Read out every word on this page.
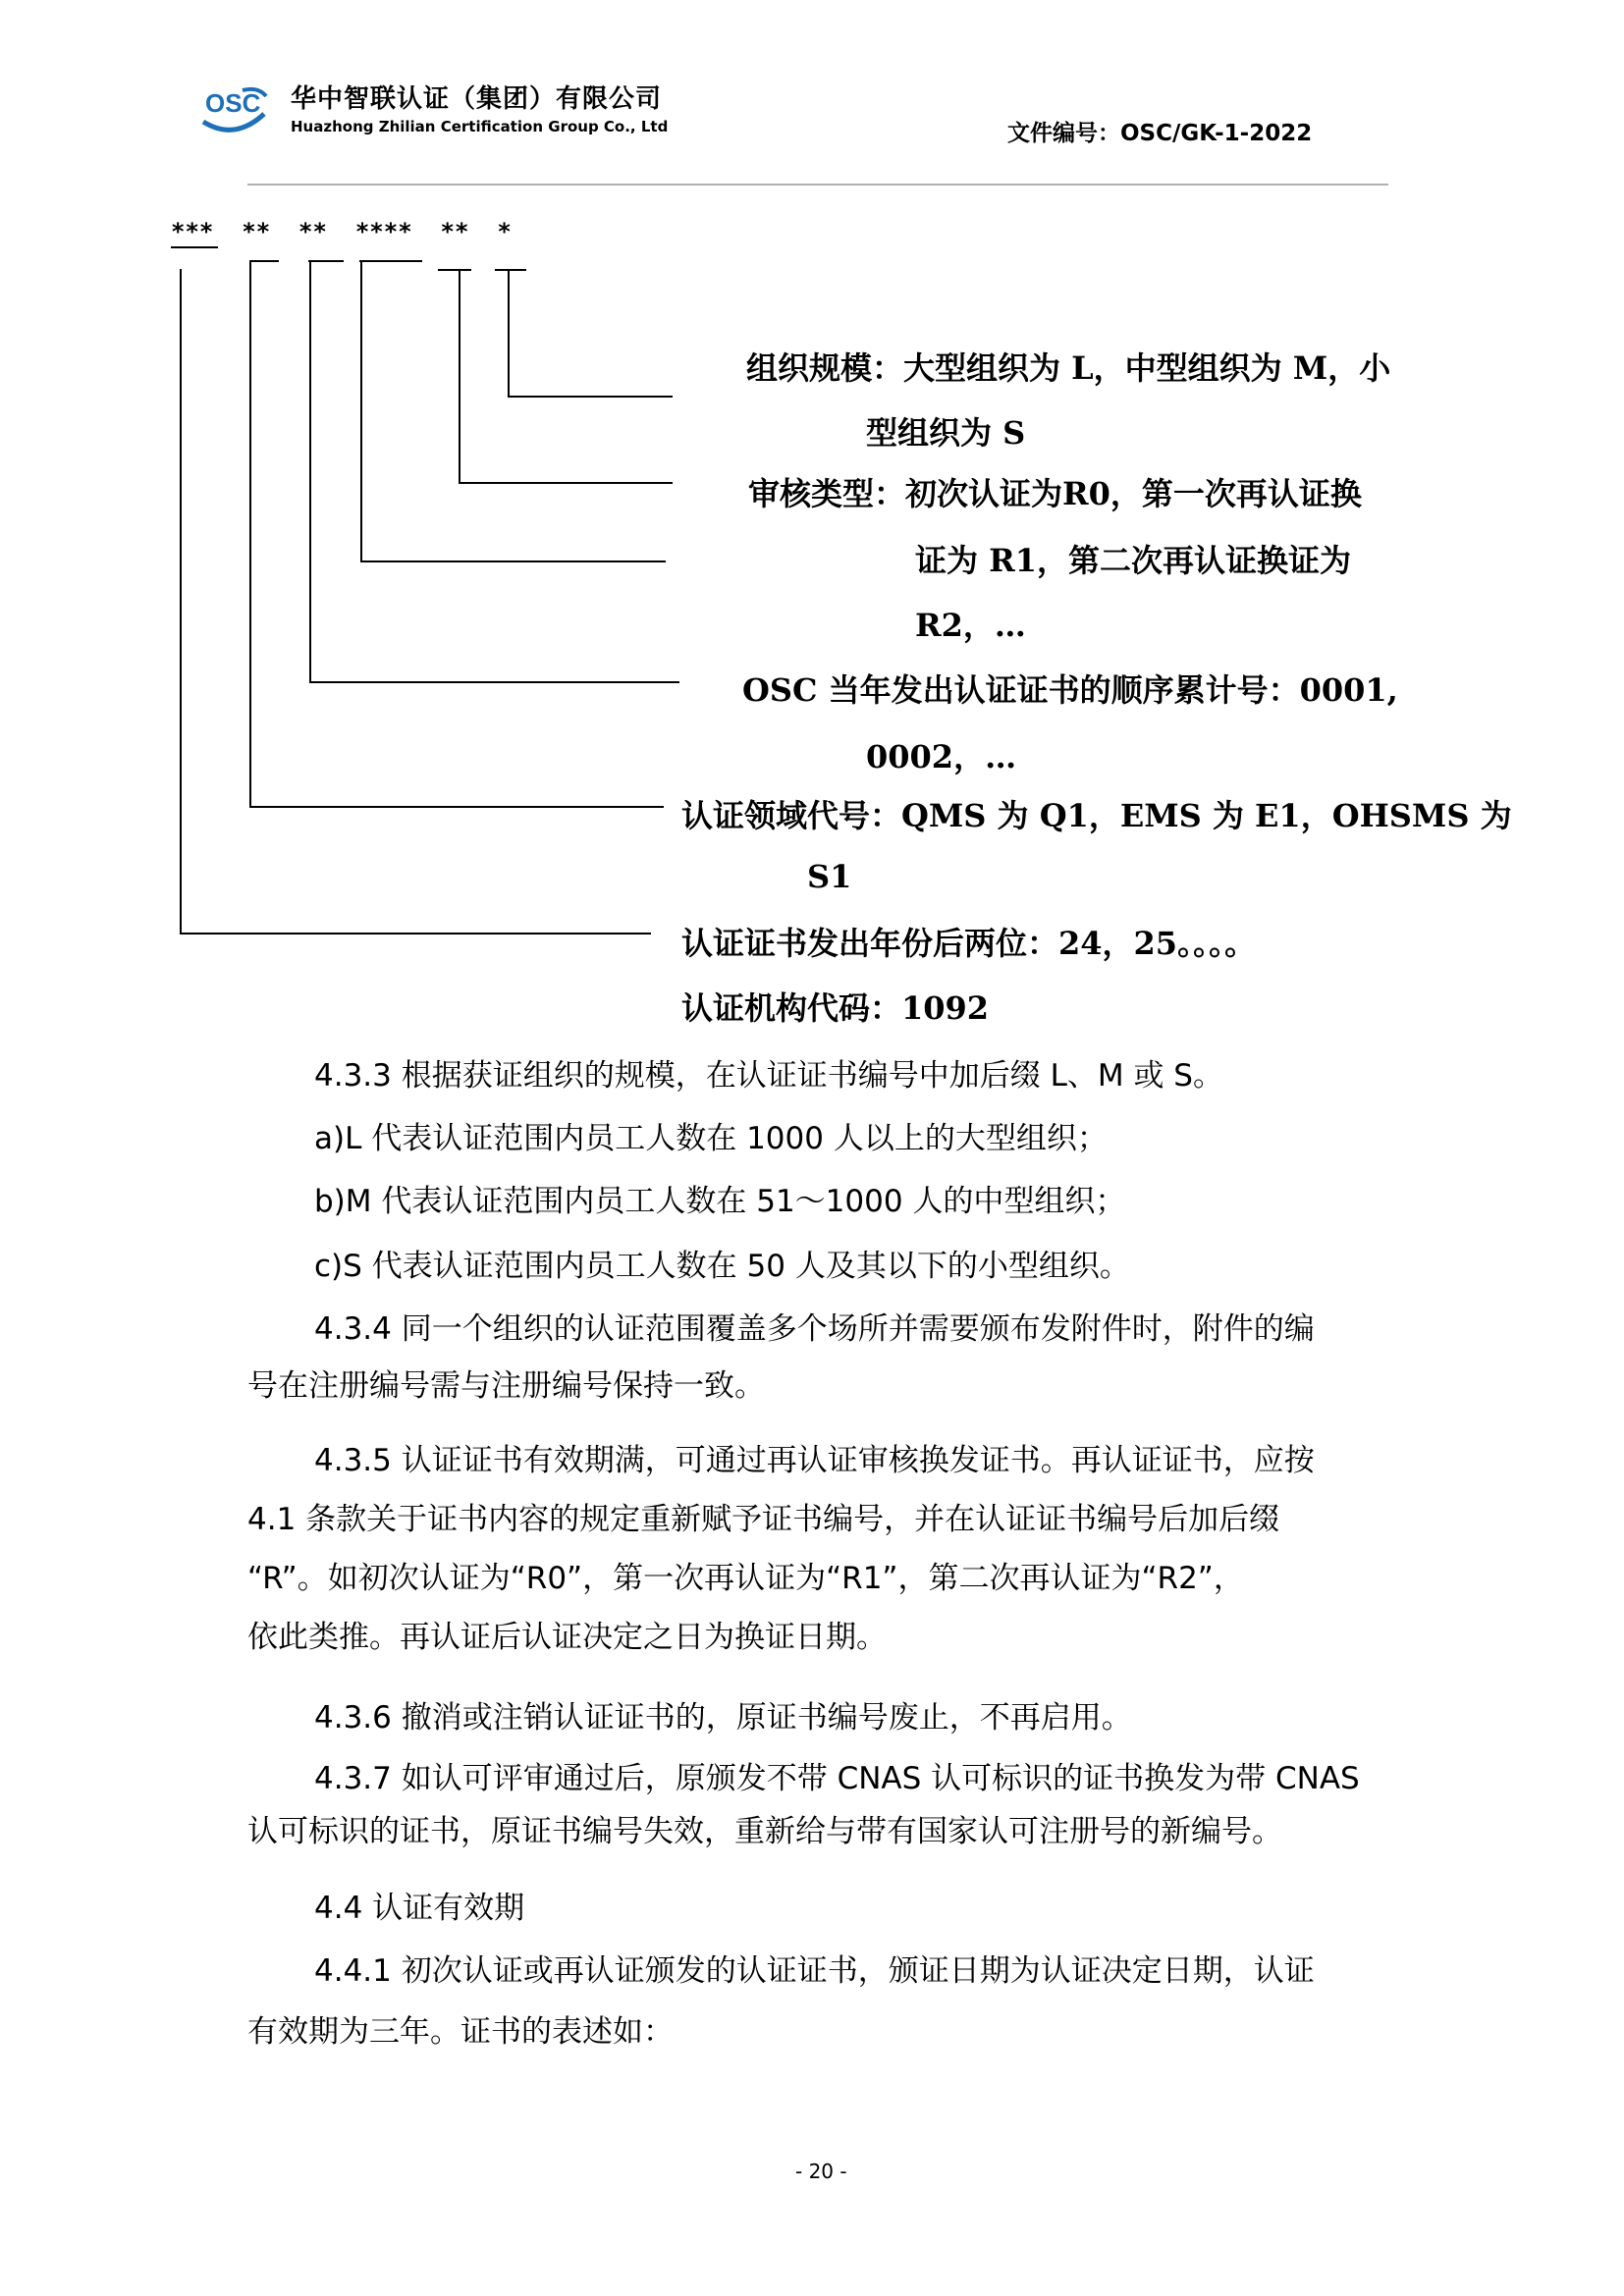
OSC 华中智联认证（集团）有限公司
Huazhong Zhilian Certification Group Co., Ltd	文件编号：OSC/GK-1-2022
***  **  **  ****  **  *
组织规模：大型组织为 L，中型组织为 M，小
型组织为 S
审核类型：初次认证为R0，第一次再认证换
证为 R1，第二次再认证换证为
R2，…
OSC 当年发出认证证书的顺序累计号：0001,
0002，…
认证领域代号：QMS 为 Q1，EMS 为 E1，OHSMS 为
S1
认证证书发出年份后两位：24，25。。。。
认证机构代码：1092
4.3.3 根据获证组织的规模，在认证证书编号中加后缀 L、M 或 S。
a)L 代表认证范围内员工人数在 1000 人以上的大型组织；
b)M 代表认证范围内员工人数在 51～1000 人的中型组织；
c)S 代表认证范围内员工人数在 50 人及其以下的小型组织。
4.3.4 同一个组织的认证范围覆盖多个场所并需要颁布发附件时，附件的编
号在注册编号需与注册编号保持一致。
4.3.5 认证证书有效期满，可通过再认证审核换发证书。再认证证书，应按
4.1 条款关于证书内容的规定重新赋予证书编号，并在认证证书编号后加后缀
“R”。如初次认证为“R0”，第一次再认证为“R1”，第二次再认证为“R2”，
依此类推。再认证后认证决定之日为换证日期。
4.3.6 撤消或注销认证证书的，原证书编号废止，不再启用。
4.3.7 如认可评审通过后，原颁发不带 CNAS 认可标识的证书换发为带 CNAS
认可标识的证书，原证书编号失效，重新给与带有国家认可注册号的新编号。
4.4 认证有效期
4.4.1 初次认证或再认证颁发的认证证书，颁证日期为认证决定日期，认证
有效期为三年。证书的表述如：
- 20 -
